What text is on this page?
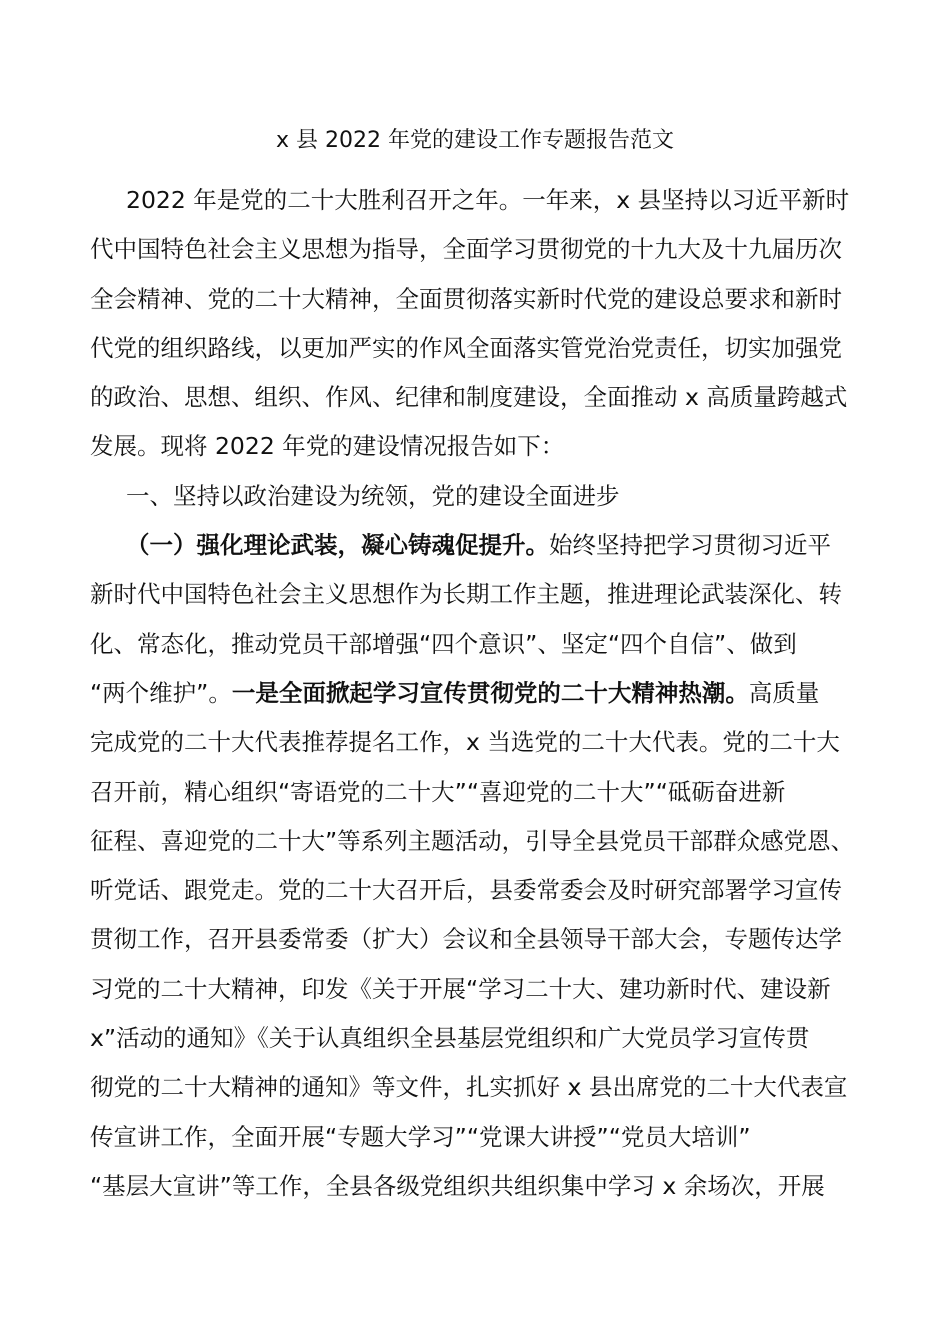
x 县 2022 年党的建设工作专题报告范文
2022 年是党的二十大胜利召开之年。一年来，x 县坚持以习近平新时
代中国特色社会主义思想为指导，全面学习贯彻党的十九大及十九届历次
全会精神、党的二十大精神，全面贯彻落实新时代党的建设总要求和新时
代党的组织路线，以更加严实的作风全面落实管党治党责任，切实加强党
的政治、思想、组织、作风、纪律和制度建设，全面推动 x 高质量跨越式
发展。现将 2022 年党的建设情况报告如下：
一、坚持以政治建设为统领，党的建设全面进步
（一）强化理论武装，凝心铸魂促提升。始终坚持把学习贯彻习近平
新时代中国特色社会主义思想作为长期工作主题，推进理论武装深化、转
化、常态化，推动党员干部增强“四个意识”、坚定“四个自信”、做到
“两个维护”。一是全面掀起学习宣传贯彻党的二十大精神热潮。高质量
完成党的二十大代表推荐提名工作，x 当选党的二十大代表。党的二十大
召开前，精心组织“寄语党的二十大”“喜迎党的二十大”“砥砺奋进新
征程、喜迎党的二十大”等系列主题活动，引导全县党员干部群众感党恩、
听党话、跟党走。党的二十大召开后，县委常委会及时研究部署学习宣传
贯彻工作，召开县委常委（扩大）会议和全县领导干部大会，专题传达学
习党的二十大精神，印发《关于开展“学习二十大、建功新时代、建设新
x”活动的通知》《关于认真组织全县基层党组织和广大党员学习宣传贯
彻党的二十大精神的通知》等文件，扎实抓好 x 县出席党的二十大代表宣
传宣讲工作，全面开展“专题大学习”“党课大讲授”“党员大培训”
“基层大宣讲”等工作，全县各级党组织共组织集中学习 x 余场次，开展
